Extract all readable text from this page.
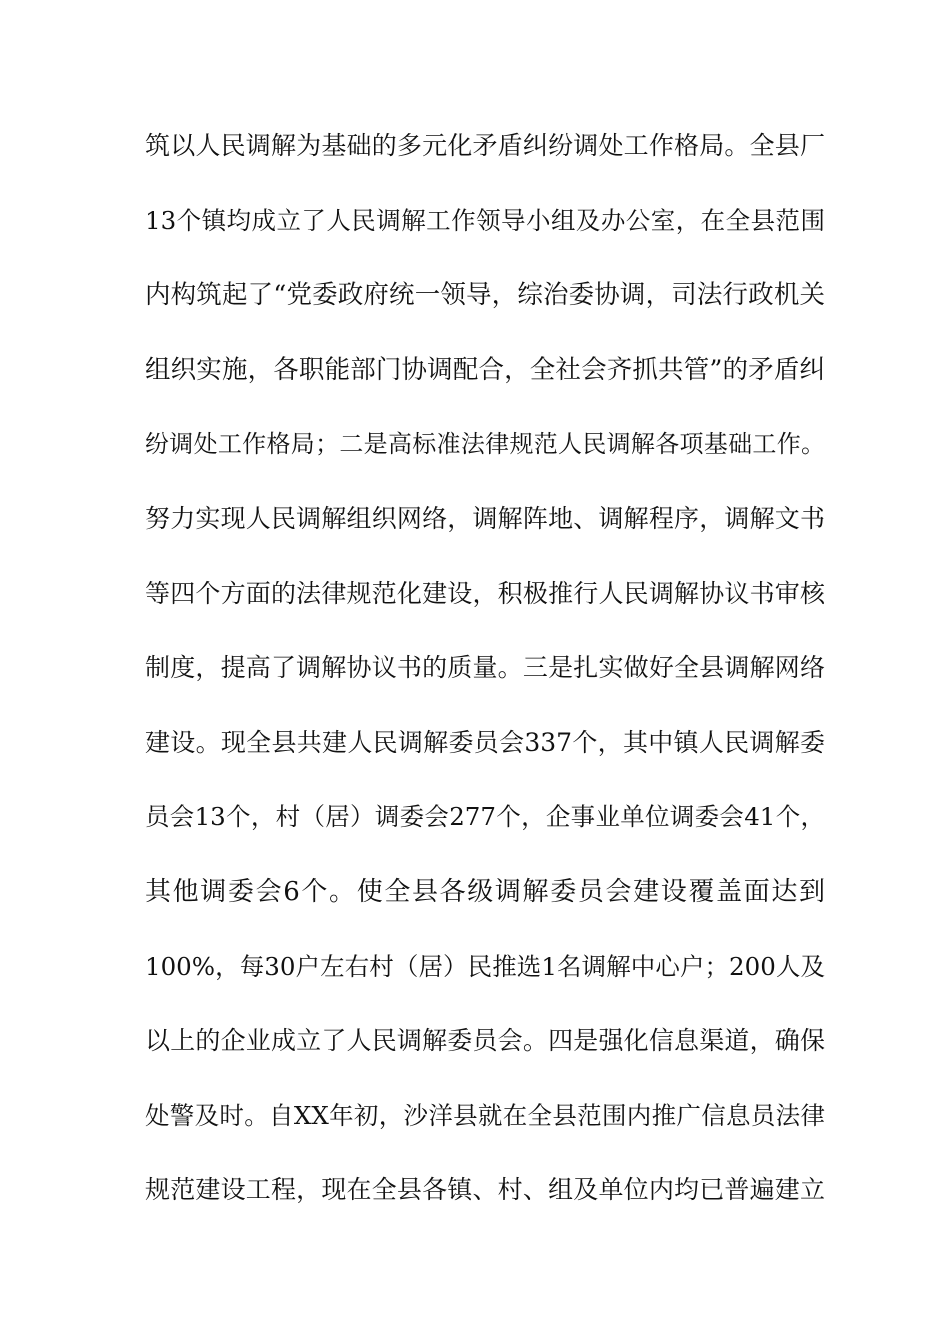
筑以人民调解为基础的多元化矛盾纠纷调处工作格局。全县厂
13个镇均成立了人民调解工作领导小组及办公室，在全县范围
内构筑起了“党委政府统一领导，综治委协调，司法行政机关
组织实施，各职能部门协调配合，全社会齐抓共管”的矛盾纠
纷调处工作格局；二是高标准法律规范人民调解各项基础工作。
努力实现人民调解组织网络，调解阵地、调解程序，调解文书
等四个方面的法律规范化建设，积极推行人民调解协议书审核
制度，提高了调解协议书的质量。三是扎实做好全县调解网络
建设。现全县共建人民调解委员会337个，其中镇人民调解委
员会13个，村（居）调委会277个，企事业单位调委会41个，
其他调委会6个。使全县各级调解委员会建设覆盖面达到
100%，每30户左右村（居）民推选1名调解中心户；200人及
以上的企业成立了人民调解委员会。四是强化信息渠道，确保
处警及时。自XX年初，沙洋县就在全县范围内推广信息员法律
规范建设工程，现在全县各镇、村、组及单位内均已普遍建立
